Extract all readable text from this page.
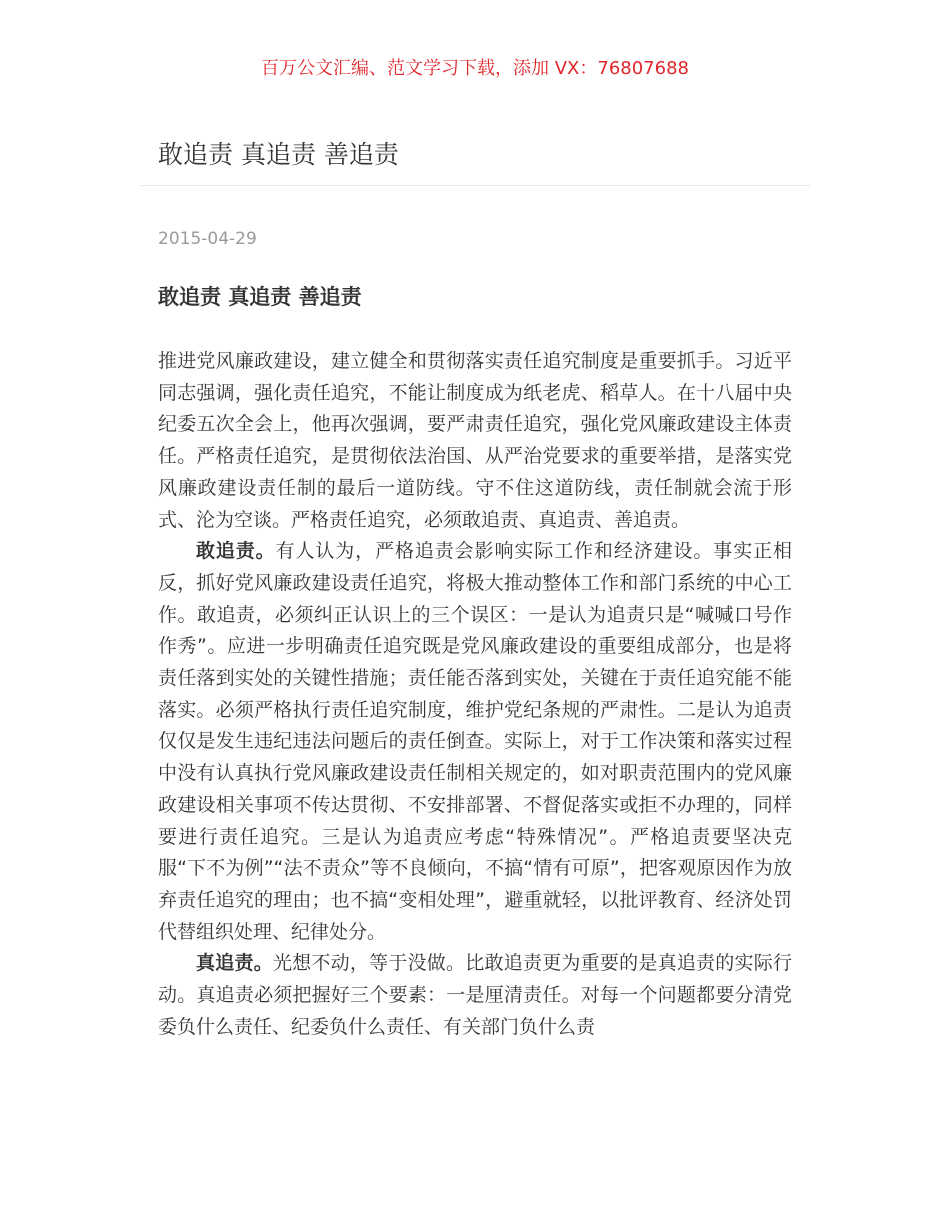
百万公文汇编、范文学习下载，添加 VX：76807688
敢追责 真追责 善追责
2015-04-29
敢追责 真追责 善追责

推进党风廉政建设，建立健全和贯彻落实责任追究制度是重要抓手。习近平同志强调，强化责任追究，不能让制度成为纸老虎、稻草人。在十八届中央纪委五次全会上，他再次强调，要严肃责任追究，强化党风廉政建设主体责任。严格责任追究，是贯彻依法治国、从严治党要求的重要举措，是落实党风廉政建设责任制的最后一道防线。守不住这道防线，责任制就会流于形式、沦为空谈。严格责任追究，必须敢追责、真追责、善追责。

敢追责。有人认为，严格追责会影响实际工作和经济建设。事实正相反，抓好党风廉政建设责任追究，将极大推动整体工作和部门系统的中心工作。敢追责，必须纠正认识上的三个误区：一是认为追责只是“喊喊口号作作秀”。应进一步明确责任追究既是党风廉政建设的重要组成部分，也是将责任落到实处的关键性措施；责任能否落到实处，关键在于责任追究能不能落实。必须严格执行责任追究制度，维护党纪条规的严肃性。二是认为追责仅仅是发生违纪违法问题后的责任倒查。实际上，对于工作决策和落实过程中没有认真执行党风廉政建设责任制相关规定的，如对职责范围内的党风廉政建设相关事项不传达贯彻、不安排部署、不督促落实或拒不办理的，同样要进行责任追究。三是认为追责应考虑“特殊情况”。严格追责要坚决克服“下不为例”“法不责众”等不良倾向，不搞“情有可原”，把客观原因作为放弃责任追究的理由；也不搞“变相处理”，避重就轻，以批评教育、经济处罚代替组织处理、纪律处分。

真追责。光想不动，等于没做。比敢追责更为重要的是真追责的实际行动。真追责必须把握好三个要素：一是厘清责任。对每一个问题都要分清党委负什么责任、纪委负什么责任、有关部门负什么责
